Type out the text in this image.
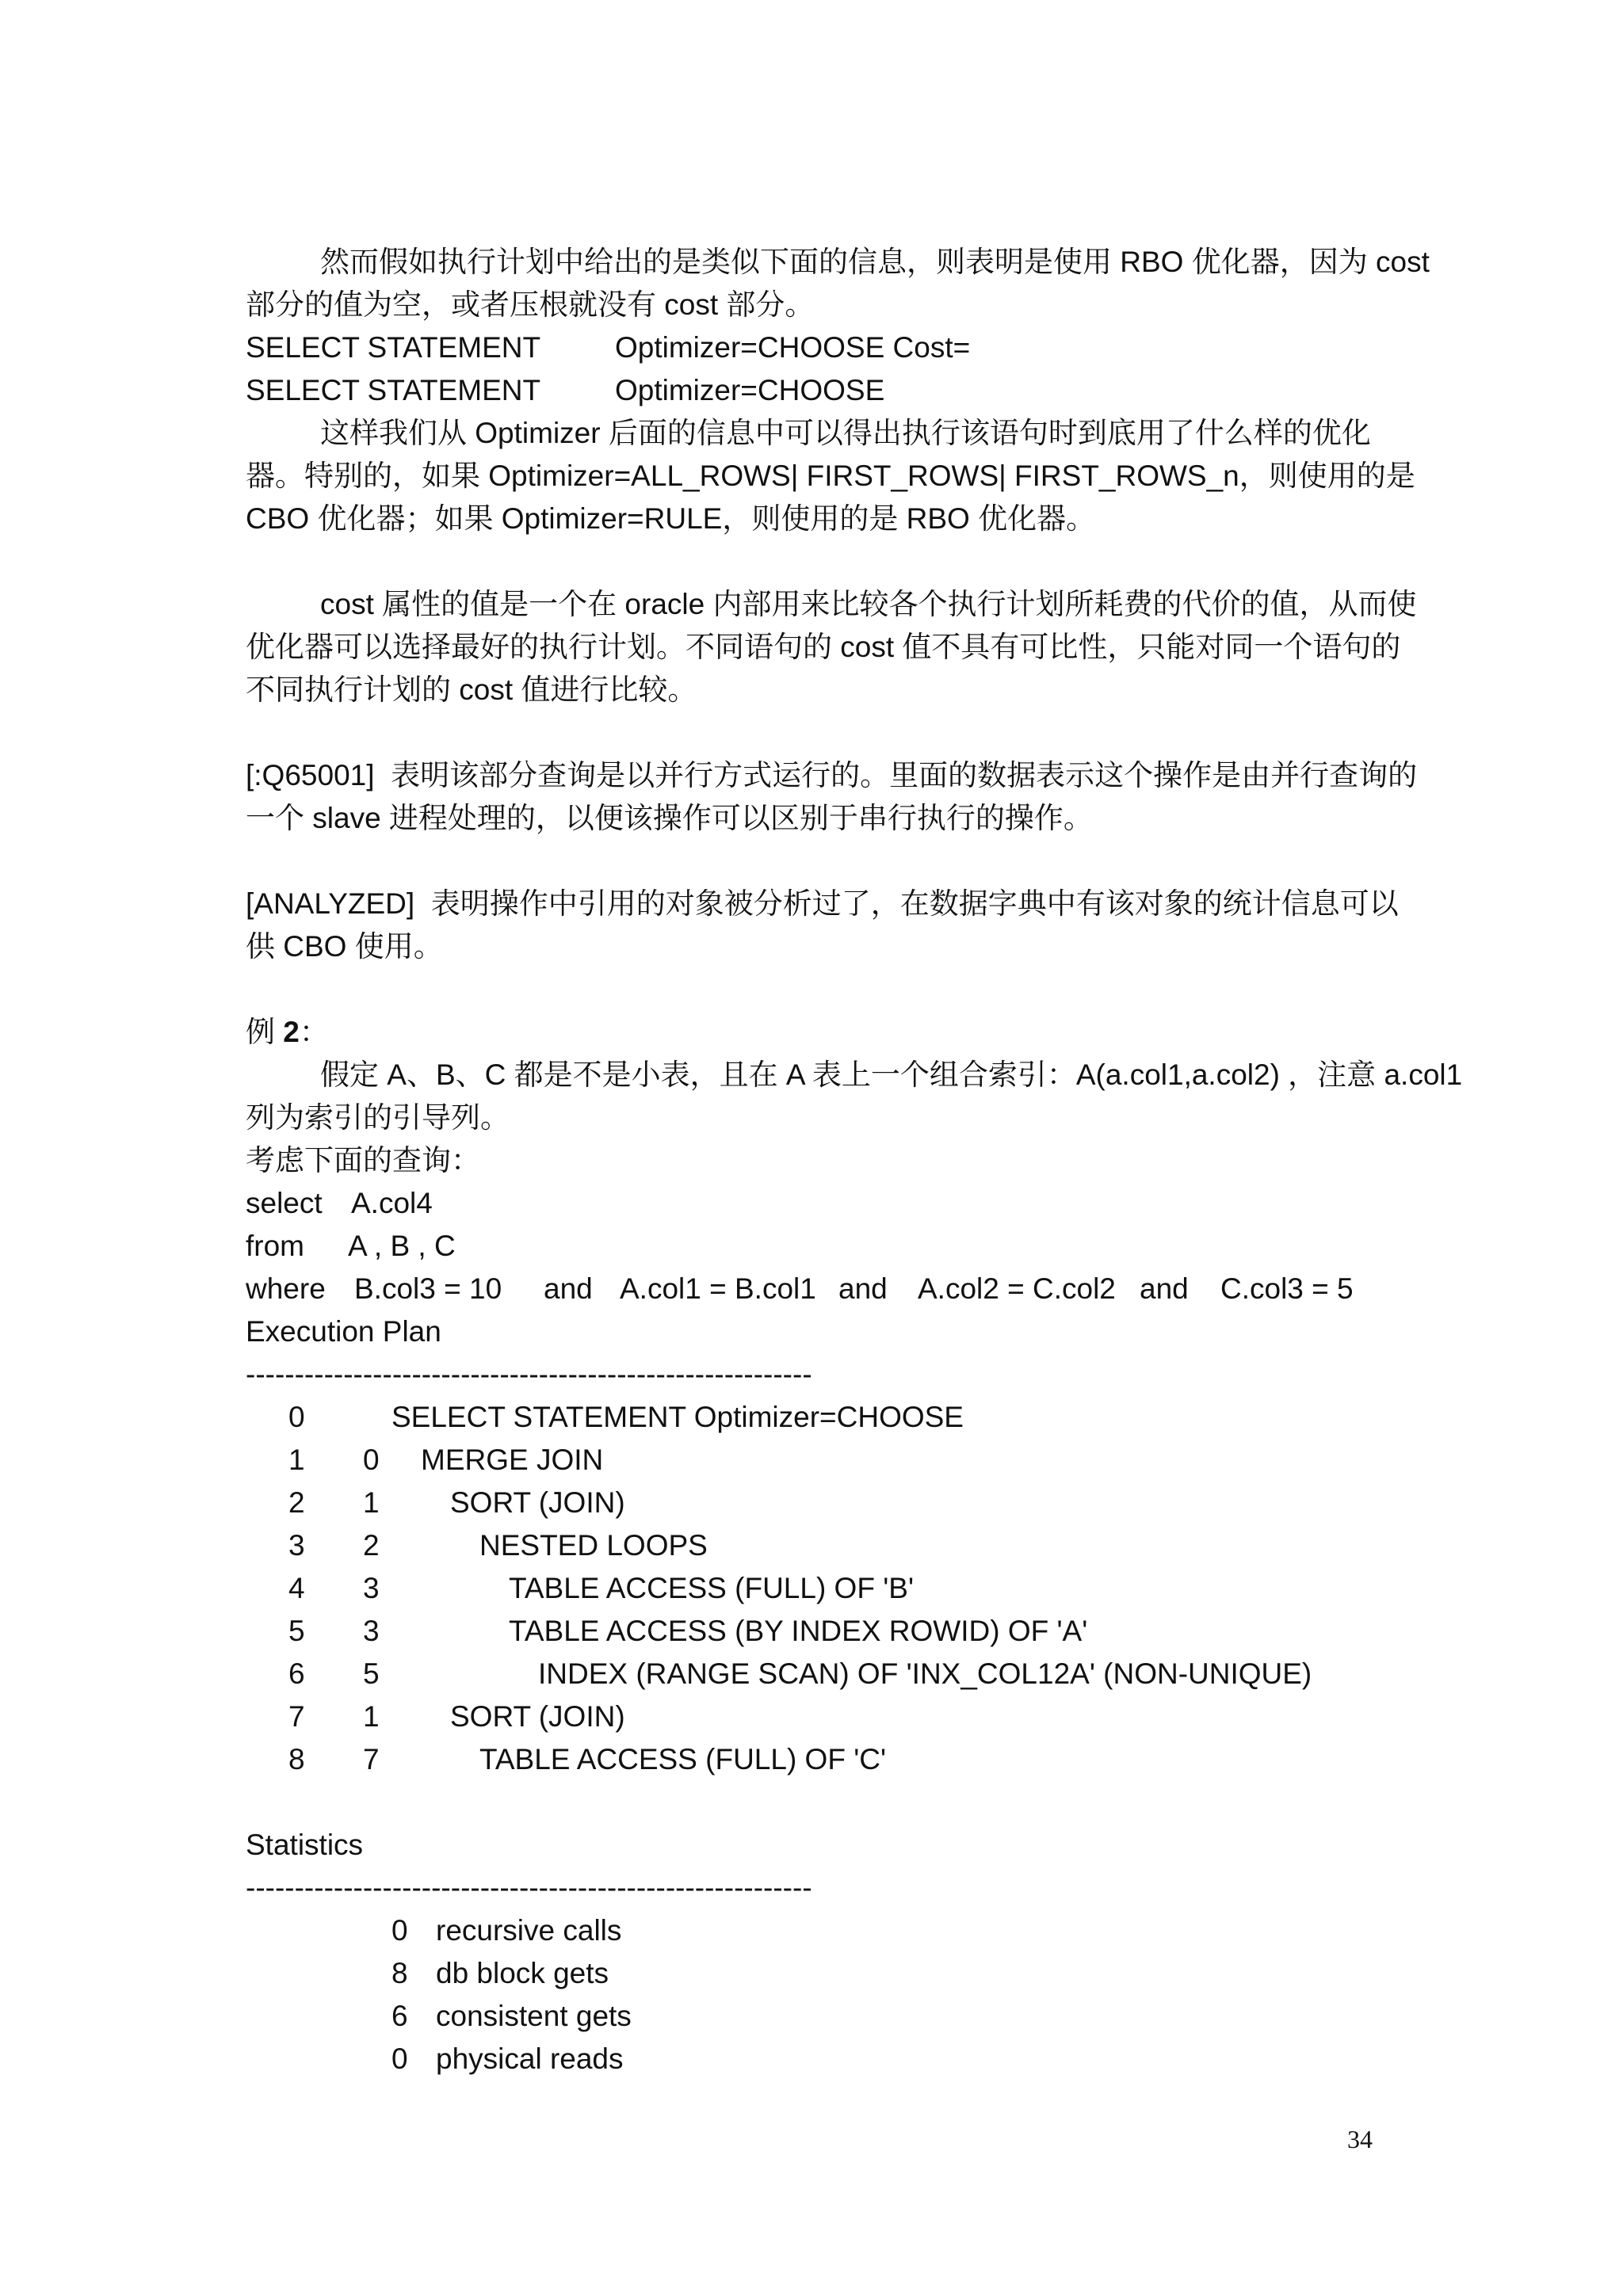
然而假如执行计划中给出的是类似下面的信息，则表明是使用 RBO 优化器，因为 cost
部分的值为空，或者压根就没有 cost 部分。
SELECT STATEMENT	Optimizer=CHOOSE Cost=
SELECT STATEMENT	Optimizer=CHOOSE
这样我们从 Optimizer 后面的信息中可以得出执行该语句时到底用了什么样的优化
器。特别的，如果 Optimizer=ALL_ROWS| FIRST_ROWS| FIRST_ROWS_n，则使用的是
CBO 优化器；如果 Optimizer=RULE，则使用的是 RBO 优化器。
cost 属性的值是一个在 oracle 内部用来比较各个执行计划所耗费的代价的值，从而使
优化器可以选择最好的执行计划。不同语句的 cost 值不具有可比性，只能对同一个语句的
不同执行计划的 cost 值进行比较。
[:Q65001]  表明该部分查询是以并行方式运行的。里面的数据表示这个操作是由并行查询的
一个 slave 进程处理的，以便该操作可以区别于串行执行的操作。
[ANALYZED]  表明操作中引用的对象被分析过了，在数据字典中有该对象的统计信息可以
供 CBO 使用。
例 2：
假定 A、B、C 都是不是小表，且在 A 表上一个组合索引：A(a.col1,a.col2) ，注意 a.col1
列为索引的引导列。
考虑下面的查询：
select A.col4
from A , B , C
where B.col3 = 10 and A.col1 = B.col1 and A.col2 = C.col2 and C.col3 = 5
Execution Plan
----------------------------------------------------------
0	SELECT STATEMENT Optimizer=CHOOSE
1 0 MERGE JOIN
2 1 SORT (JOIN)
3 2	NESTED LOOPS
4 3	TABLE ACCESS (FULL) OF 'B'
5 3	TABLE ACCESS (BY INDEX ROWID) OF 'A'
6 5	INDEX (RANGE SCAN) OF 'INX_COL12A' (NON-UNIQUE)
7 1 SORT (JOIN)
8 7	TABLE ACCESS (FULL) OF 'C'
Statistics
----------------------------------------------------------
0 recursive calls
8 db block gets
6 consistent gets
0 physical reads
34
